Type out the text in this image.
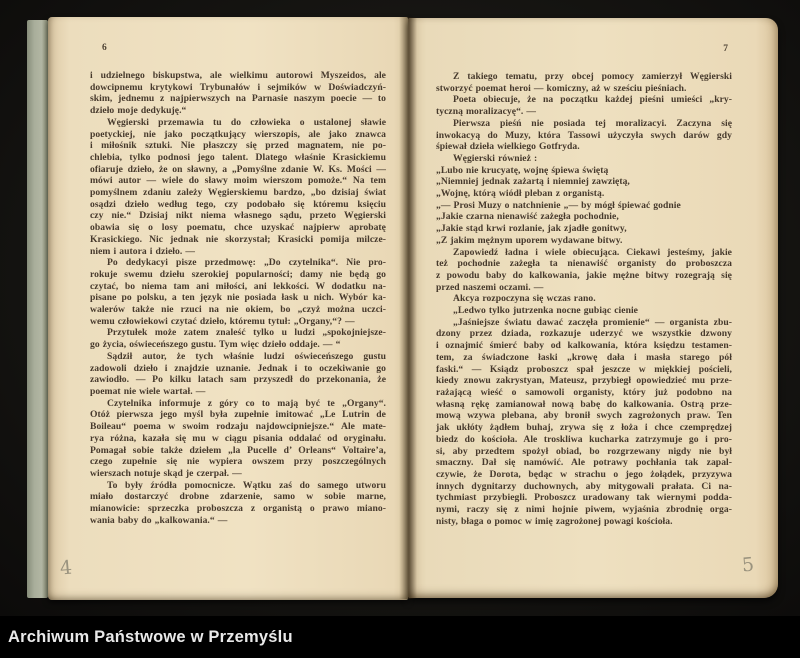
6
i udzielnego biskupstwa, ale wielkimu autorowi Myszeidos, ale
dowcipnemu krytykowi Trybunałów i sejmików w Doświadczyń-
skim, jednemu z najpierwszych na Parnasie naszym poecie — to
dzieło moje dedykuję.“
Węgierski przemawia tu do człowieka o ustalonej sławie
poetyckiej, nie jako początkujący wierszopis, ale jako znawca
i miłośnik sztuki. Nie płaszczy się przed magnatem, nie po-
chlebia, tylko podnosi jego talent. Dlatego właśnie Krasickiemu
ofiaruje dzieło, że on sławny, a „Pomyślne zdanie W. Ks. Mości —
mówi autor — wiele do sławy moim wierszom pomoże.“ Na tem
pomyślnem zdaniu zależy Węgierskiemu bardzo, „bo dzisiaj świat
osądzi dzieło według tego, czy podobało się któremu księciu
czy nie.“ Dzisiaj nikt niema własnego sądu, przeto Węgierski
obawia się o losy poematu, chce uzyskać najpierw aprobatę
Krasickiego. Nic jednak nie skorzystał; Krasicki pomija milcze-
niem i autora i dzieło. —
Po dedykacyi pisze przedmowę: „Do czytelnika“. Nie pro-
rokuje swemu dziełu szerokiej popularności; damy nie będą go
czytać, bo niema tam ani miłości, ani lekkości. W dodatku na-
pisane po polsku, a ten język nie posiada łask u nich. Wybór ka-
walerów także nie rzuci na nie okiem, bo „czyż można uczci-
wemu człowiekowi czytać dzieło, któremu tytuł: „Organy,“? —
Przytułek może zatem znaleść tylko u ludzi „spokojniejsze-
go życia, oświeceńszego gustu. Tym więc dzieło oddaje. — “
Sądził autor, że tych właśnie ludzi oświeceńszego gustu
zadowoli dzieło i znajdzie uznanie. Jednak i to oczekiwanie go
zawiodło. — Po kilku latach sam przyszedł do przekonania, że
poemat nie wiele wartał. —
Czytelnika informuje z góry co to mają być te „Organy“.
Otóż pierwsza jego myśl była zupełnie imitować „Le Lutrin de
Boileau“ poema w swoim rodzaju najdowcipniejsze.“ Ale mate-
rya różna, kazała się mu w ciągu pisania oddalać od oryginału.
Pomagał sobie także dziełem „la Pucelle d’ Orleans“ Voltaire’a,
czego zupełnie się nie wypiera owszem przy poszczególnych
wierszach notuje skąd je czerpał. —
To były źródła pomocnicze. Wątku zaś do samego utworu
miało dostarczyć drobne zdarzenie, samo w sobie marne,
mianowicie: sprzeczka proboszcza z organistą o prawo miano-
wania baby do „kalkowania.“ —
4
7
Z takiego tematu, przy obcej pomocy zamierzył Węgierski
stworzyć poemat heroi — komiczny, aż w sześciu pieśniach.
Poeta obiecuje, że na początku każdej pieśni umieści „kry-
tyczną moralizacyę“. —
Pierwsza pieśń nie posiada tej moralizacyi. Zaczyna się
inwokacyą do Muzy, która Tassowi użyczyła swych darów gdy
śpiewał dzieła wielkiego Gotfryda.
Węgierski również :
„Lubo nie krucyatę, wojnę śpiewa świętą
„Niemniej jednak zażartą i niemniej zawziętą,
„Wojnę, którą wiódł pleban z organistą.
„— Prosi Muzy o natchnienie „— by mógł śpiewać godnie
„Jakie czarna nienawiść zażegła pochodnie,
„Jakie stąd krwi rozlanie, jak zjadłe gonitwy,
„Z jakim mężnym uporem wydawane bitwy.
Zapowiedź ładna i wiele obiecująca. Ciekawi jesteśmy, jakie
też pochodnie zażegła ta nienawiść organisty do proboszcza
z powodu baby do kalkowania, jakie mężne bitwy rozegrają się
przed naszemi oczami. —
Akcya rozpoczyna się wczas rano.
„Ledwo tylko jutrzenka nocne gubiąc cienie
„Jaśniejsze światu dawać zaczęła promienie“ — organista zbu-
dzony przez dziada, rozkazuje uderzyć we wszystkie dzwony
i oznajmić śmierć baby od kalkowania, która księdzu testamen-
tem, za świadczone łaski „krowę dała i masła starego pół
faski.“ — Ksiądz proboszcz spał jeszcze w miękkiej pościeli,
kiedy znowu zakrystyan, Mateusz, przybiegł opowiedzieć mu prze-
rażającą wieść o samowoli organisty, który już podobno na
własną rękę zamianował nową babę do kalkowania. Ostrą prze-
mową wzywa plebana, aby bronił swych zagrożonych praw. Ten
jak ukłóty żądłem buhaj, zrywa się z łoża i chce czemprędzej
biedz do kościoła. Ale troskliwa kucharka zatrzymuje go i pro-
si, aby przedtem spożył obiad, bo rozgrzewany nigdy nie był
smaczny. Dał się namówić. Ale potrawy pochłania tak zapal-
czywie, że Dorota, będąc w strachu o jego żołądek, przyzywa
innych dygnitarzy duchownych, aby mitygowali prałata. Ci na-
tychmiast przybiegli. Proboszcz uradowany tak wiernymi podda-
nymi, raczy się z nimi hojnie piwem, wyjaśnia zbrodnię orga-
nisty, błaga o pomoc w imię zagrożonej powagi kościoła.
5
Archiwum Państwowe w Przemyślu
